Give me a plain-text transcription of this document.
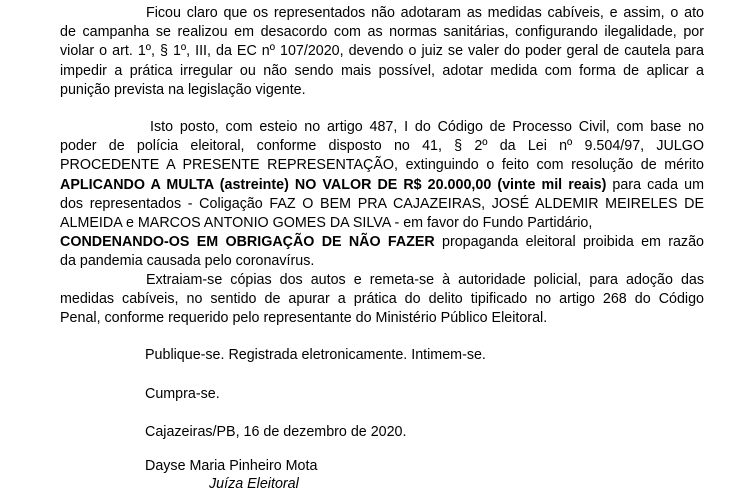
Ficou claro que os representados não adotaram as medidas cabíveis, e assim, o ato
de campanha se realizou em desacordo com as normas sanitárias, configurando ilegalidade, por
violar o art. 1º, § 1º, III, da EC nº 107/2020, devendo o juiz se valer do poder geral de cautela para
impedir a prática irregular ou não sendo mais possível, adotar medida com forma de aplicar a
punição prevista na legislação vigente.
Isto posto, com esteio no artigo 487, I do Código de Processo Civil, com base no
poder de polícia eleitoral, conforme disposto no 41, § 2º da Lei nº 9.504/97, JULGO
PROCEDENTE A PRESENTE REPRESENTAÇÃO, extinguindo o feito com resolução de mérito
APLICANDO A MULTA (astreinte) NO VALOR DE R$ 20.000,00 (vinte mil reais) para cada um
dos representados - Coligação FAZ O BEM PRA CAJAZEIRAS, JOSÉ ALDEMIR MEIRELES DE
ALMEIDA e MARCOS ANTONIO GOMES DA SILVA - em favor do Fundo Partidário,
CONDENANDO-OS EM OBRIGAÇÃO DE NÃO FAZER propaganda eleitoral proibida em razão
da pandemia causada pelo coronavírus.
Extraiam-se cópias dos autos e remeta-se à autoridade policial, para adoção das
medidas cabíveis, no sentido de apurar a prática do delito tipificado no artigo 268 do Código
Penal, conforme requerido pelo representante do Ministério Público Eleitoral.

Publique-se. Registrada eletronicamente. Intimem-se.

Cumpra-se.

Cajazeiras/PB, 16 de dezembro de 2020.

Dayse Maria Pinheiro Mota

Juíza Eleitoral
